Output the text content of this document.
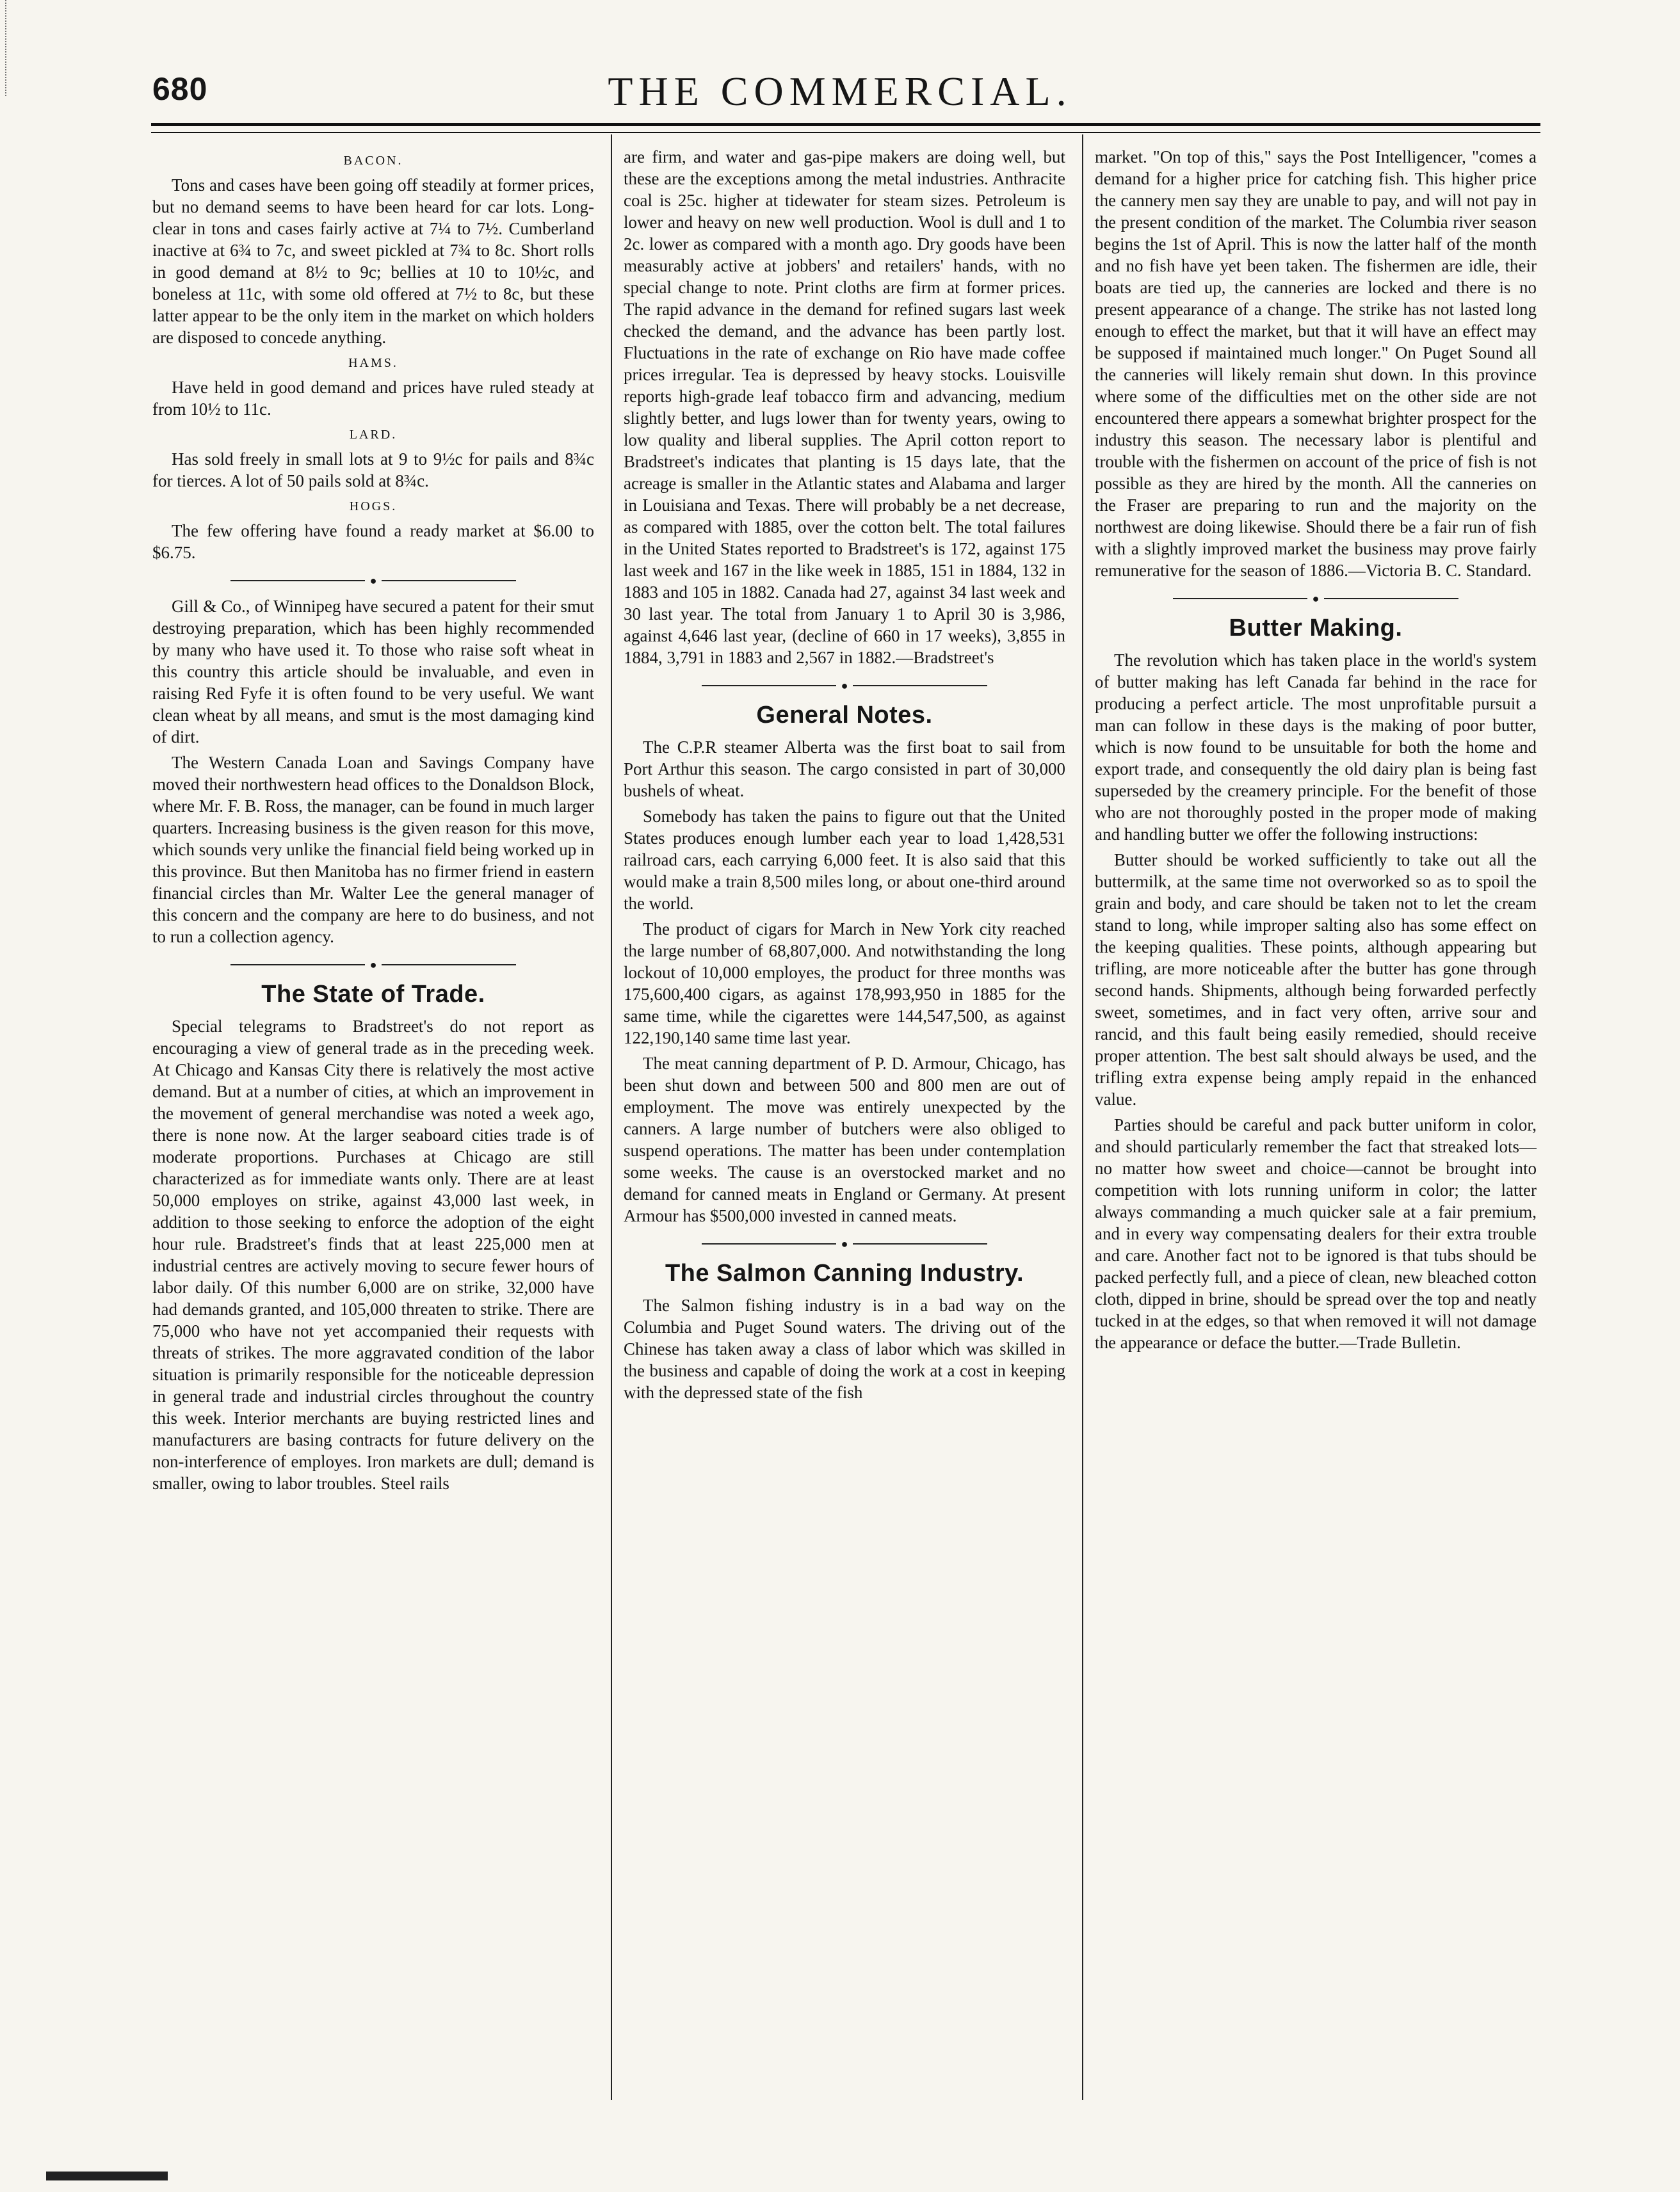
680	THE COMMERCIAL.
BACON.

Tons and cases have been going off steadily at former prices, but no demand seems to have been heard for car lots. Long-clear in tons and cases fairly active at 7¼ to 7½. Cumberland inactive at 6¾ to 7c, and sweet pickled at 7¾ to 8c. Short rolls in good demand at 8½ to 9c; bellies at 10 to 10½c, and boneless at 11c, with some old offered at 7½ to 8c, but these latter appear to be the only item in the market on which holders are disposed to concede anything.

HAMS.

Have held in good demand and prices have ruled steady at from 10½ to 11c.

LARD.

Has sold freely in small lots at 9 to 9½c for pails and 8¾c for tierces. A lot of 50 pails sold at 8¾c.

HOGS.

The few offering have found a ready market at $6.00 to $6.75.

●

Gill & Co., of Winnipeg have secured a patent for their smut destroying preparation, which has been highly recommended by many who have used it. To those who raise soft wheat in this country this article should be invaluable, and even in raising Red Fyfe it is often found to be very useful. We want clean wheat by all means, and smut is the most damaging kind of dirt.

The Western Canada Loan and Savings Company have moved their northwestern head offices to the Donaldson Block, where Mr. F. B. Ross, the manager, can be found in much larger quarters. Increasing business is the given reason for this move, which sounds very unlike the financial field being worked up in this province. But then Manitoba has no firmer friend in eastern financial circles than Mr. Walter Lee the general manager of this concern and the company are here to do business, and not to run a collection agency.

●
The State of Trade.

Special telegrams to Bradstreet's do not report as encouraging a view of general trade as in the preceding week. At Chicago and Kansas City there is relatively the most active demand. But at a number of cities, at which an improvement in the movement of general merchandise was noted a week ago, there is none now. At the larger seaboard cities trade is of moderate proportions. Purchases at Chicago are still characterized as for immediate wants only. There are at least 50,000 employes on strike, against 43,000 last week, in addition to those seeking to enforce the adoption of the eight hour rule. Bradstreet's finds that at least 225,000 men at industrial centres are actively moving to secure fewer hours of labor daily. Of this number 6,000 are on strike, 32,000 have had demands granted, and 105,000 threaten to strike. There are 75,000 who have not yet accompanied their requests with threats of strikes. The more aggravated condition of the labor situation is primarily responsible for the noticeable depression in general trade and industrial circles throughout the country this week. Interior merchants are buying restricted lines and manufacturers are basing contracts for future delivery on the non-interference of employes. Iron markets are dull; demand is smaller, owing to labor troubles. Steel rails

are firm, and water and gas-pipe makers are doing well, but these are the exceptions among the metal industries. Anthracite coal is 25c. higher at tidewater for steam sizes. Petroleum is lower and heavy on new well production. Wool is dull and 1 to 2c. lower as compared with a month ago. Dry goods have been measurably active at jobbers' and retailers' hands, with no special change to note. Print cloths are firm at former prices. The rapid advance in the demand for refined sugars last week checked the demand, and the advance has been partly lost. Fluctuations in the rate of exchange on Rio have made coffee prices irregular. Tea is depressed by heavy stocks. Louisville reports high-grade leaf tobacco firm and advancing, medium slightly better, and lugs lower than for twenty years, owing to low quality and liberal supplies. The April cotton report to Bradstreet's indicates that planting is 15 days late, that the acreage is smaller in the Atlantic states and Alabama and larger in Louisiana and Texas. There will probably be a net decrease, as compared with 1885, over the cotton belt. The total failures in the United States reported to Bradstreet's is 172, against 175 last week and 167 in the like week in 1885, 151 in 1884, 132 in 1883 and 105 in 1882. Canada had 27, against 34 last week and 30 last year. The total from January 1 to April 30 is 3,986, against 4,646 last year, (decline of 660 in 17 weeks), 3,855 in 1884, 3,791 in 1883 and 2,567 in 1882.—Bradstreet's

●
General Notes.

The C.P.R steamer Alberta was the first boat to sail from Port Arthur this season. The cargo consisted in part of 30,000 bushels of wheat.

Somebody has taken the pains to figure out that the United States produces enough lumber each year to load 1,428,531 railroad cars, each carrying 6,000 feet. It is also said that this would make a train 8,500 miles long, or about one-third around the world.

The product of cigars for March in New York city reached the large number of 68,807,000. And notwithstanding the long lockout of 10,000 employes, the product for three months was 175,600,400 cigars, as against 178,993,950 in 1885 for the same time, while the cigarettes were 144,547,500, as against 122,190,140 same time last year.

The meat canning department of P. D. Armour, Chicago, has been shut down and between 500 and 800 men are out of employment. The move was entirely unexpected by the canners. A large number of butchers were also obliged to suspend operations. The matter has been under contemplation some weeks. The cause is an overstocked market and no demand for canned meats in England or Germany. At present Armour has $500,000 invested in canned meats.

●
The Salmon Canning Industry.

The Salmon fishing industry is in a bad way on the Columbia and Puget Sound waters. The driving out of the Chinese has taken away a class of labor which was skilled in the business and capable of doing the work at a cost in keeping with the depressed state of the fish

market. "On top of this," says the Post Intelligencer, "comes a demand for a higher price for catching fish. This higher price the cannery men say they are unable to pay, and will not pay in the present condition of the market. The Columbia river season begins the 1st of April. This is now the latter half of the month and no fish have yet been taken. The fishermen are idle, their boats are tied up, the canneries are locked and there is no present appearance of a change. The strike has not lasted long enough to effect the market, but that it will have an effect may be supposed if maintained much longer." On Puget Sound all the canneries will likely remain shut down. In this province where some of the difficulties met on the other side are not encountered there appears a somewhat brighter prospect for the industry this season. The necessary labor is plentiful and trouble with the fishermen on account of the price of fish is not possible as they are hired by the month. All the canneries on the Fraser are preparing to run and the majority on the northwest are doing likewise. Should there be a fair run of fish with a slightly improved market the business may prove fairly remunerative for the season of 1886.—Victoria B. C. Standard.

●
Butter Making.

The revolution which has taken place in the world's system of butter making has left Canada far behind in the race for producing a perfect article. The most unprofitable pursuit a man can follow in these days is the making of poor butter, which is now found to be unsuitable for both the home and export trade, and consequently the old dairy plan is being fast superseded by the creamery principle. For the benefit of those who are not thoroughly posted in the proper mode of making and handling butter we offer the following instructions:

Butter should be worked sufficiently to take out all the buttermilk, at the same time not overworked so as to spoil the grain and body, and care should be taken not to let the cream stand to long, while improper salting also has some effect on the keeping qualities. These points, although appearing but trifling, are more noticeable after the butter has gone through second hands. Shipments, although being forwarded perfectly sweet, sometimes, and in fact very often, arrive sour and rancid, and this fault being easily remedied, should receive proper attention. The best salt should always be used, and the trifling extra expense being amply repaid in the enhanced value.

Parties should be careful and pack butter uniform in color, and should particularly remember the fact that streaked lots—no matter how sweet and choice—cannot be brought into competition with lots running uniform in color; the latter always commanding a much quicker sale at a fair premium, and in every way compensating dealers for their extra trouble and care. Another fact not to be ignored is that tubs should be packed perfectly full, and a piece of clean, new bleached cotton cloth, dipped in brine, should be spread over the top and neatly tucked in at the edges, so that when removed it will not damage the appearance or deface the butter.—Trade Bulletin.
